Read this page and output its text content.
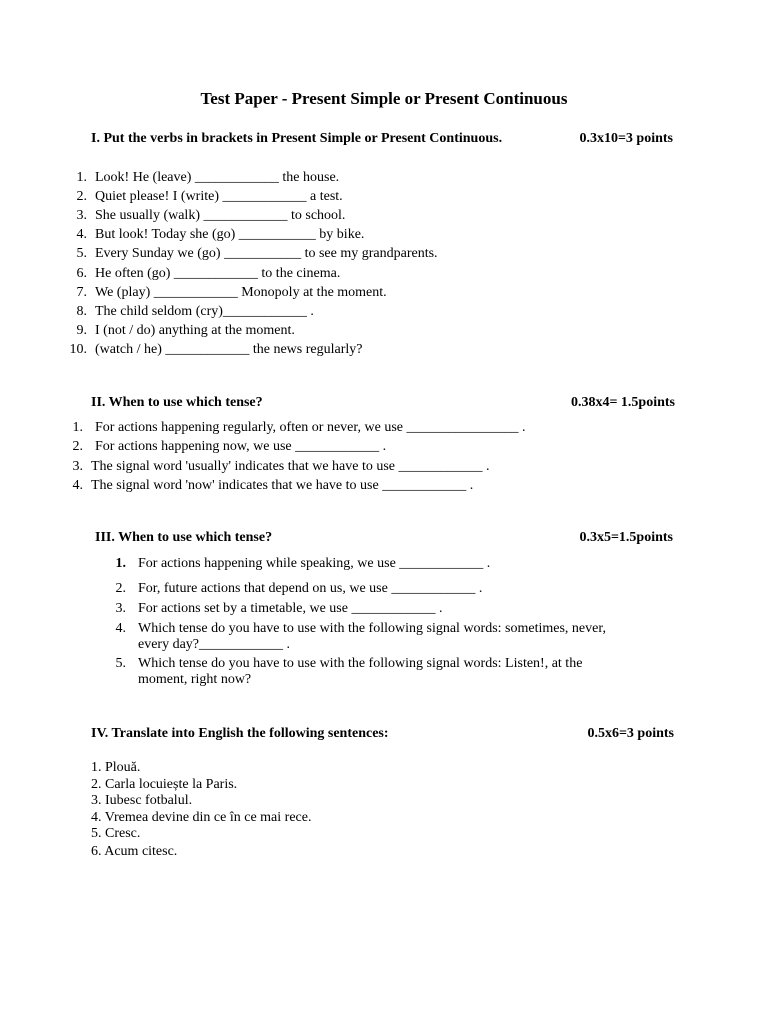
Test Paper - Present Simple or Present Continuous
I. Put the verbs in brackets in Present Simple or Present Continuous.	0.3x10=3 points
1. Look! He (leave) ____________ the house.
2. Quiet please! I (write) ____________ a test.
3. She usually (walk) ____________ to school.
4. But look! Today she (go) ___________ by bike.
5. Every Sunday we (go) ___________ to see my grandparents.
6. He often (go) ____________ to the cinema.
7. We (play) ____________ Monopoly at the moment.
8. The child seldom (cry)____________ .
9. I (not / do) anything at the moment.
10. (watch / he) ____________ the news regularly?
II. When to use which tense?	0.38x4= 1.5points
1. For actions happening regularly, often or never, we use ________________ .
2. For actions happening now, we use ____________ .
3. The signal word 'usually' indicates that we have to use ____________ .
4. The signal word 'now' indicates that we have to use ____________ .
III. When to use which tense?	0.3x5=1.5points
1. For actions happening while speaking, we use ____________ .
2. For, future actions that depend on us, we use ____________ .
3. For actions set by a timetable, we use ____________ .
4. Which tense do you have to use with the following signal words: sometimes, never,
every day?____________ .
5. Which tense do you have to use with the following signal words: Listen!, at the
moment, right now?
IV. Translate into English the following sentences:	0.5x6=3 points
1. Plouă.
2. Carla locuiește la Paris.
3. Iubesc fotbalul.
4. Vremea devine din ce în ce mai rece.
5. Cresc.
6. Acum citesc.
